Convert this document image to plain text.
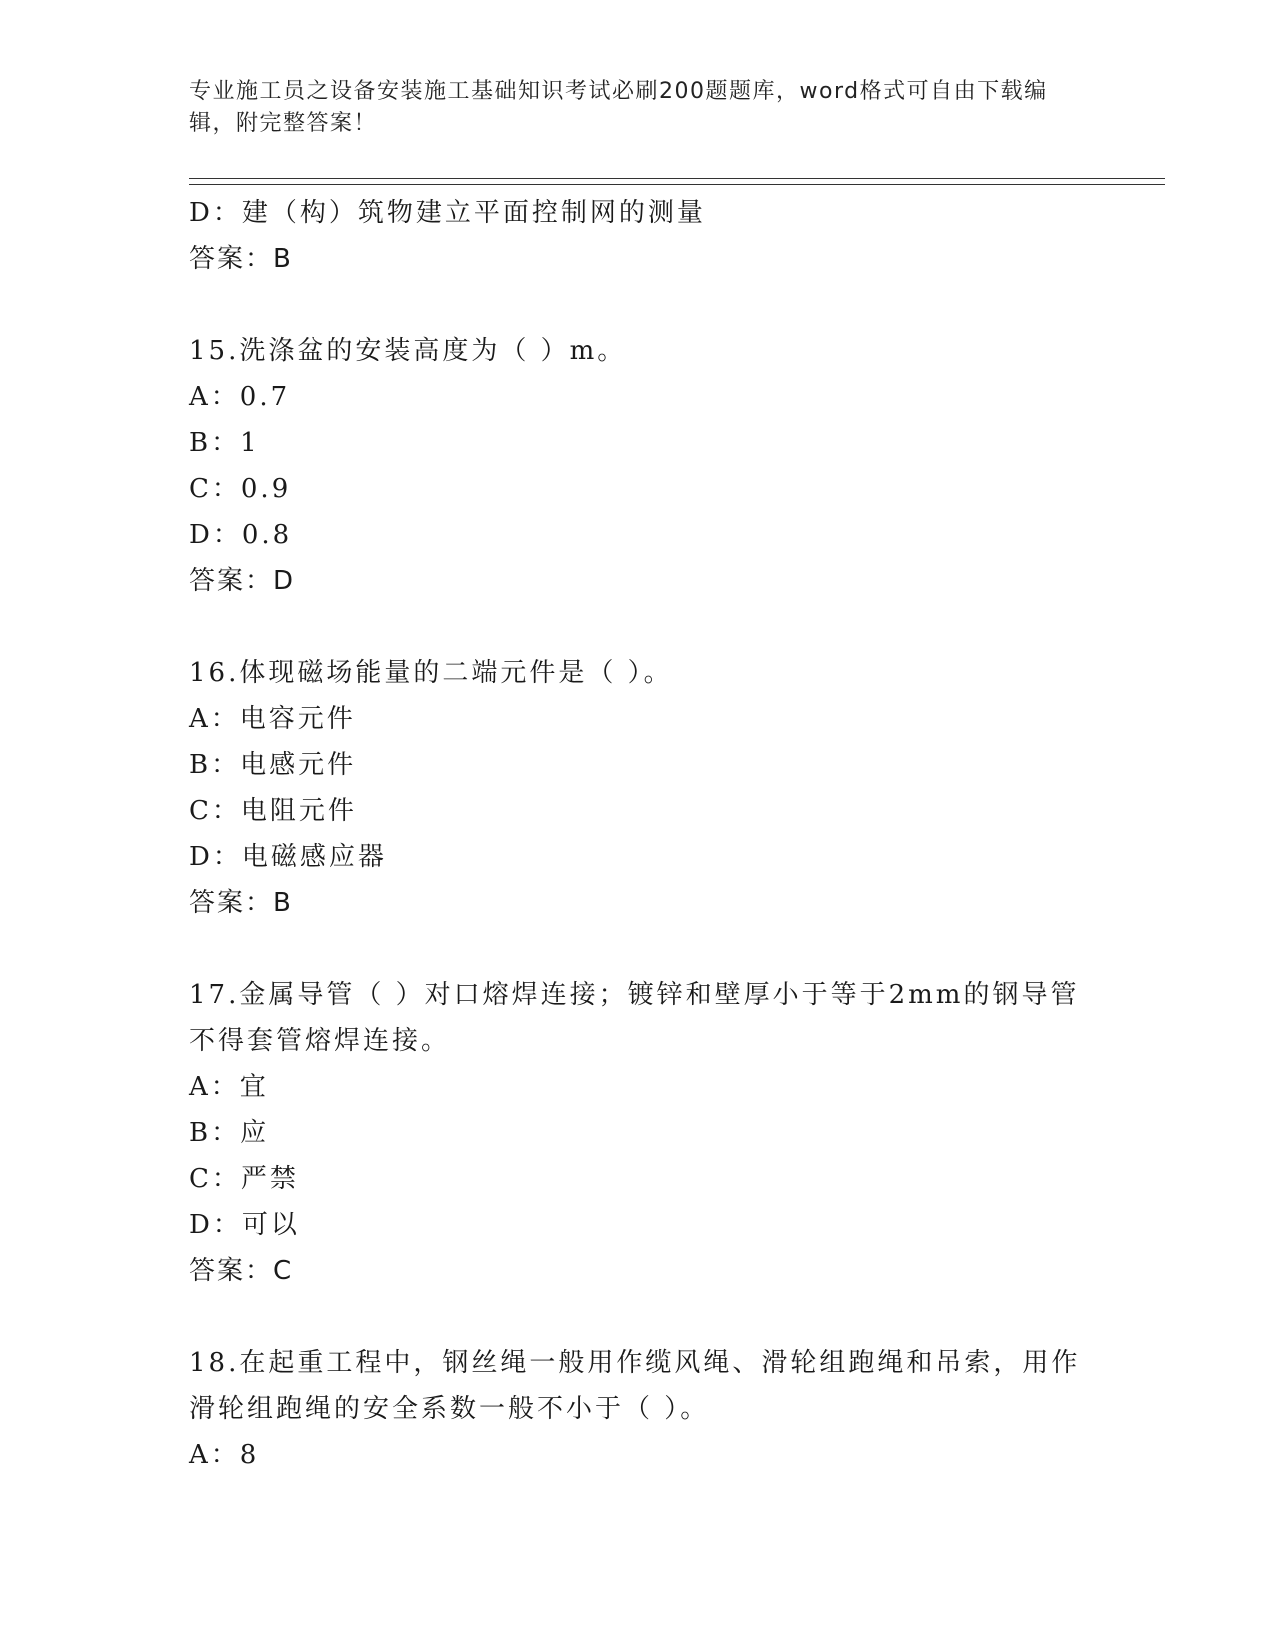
专业施工员之设备安装施工基础知识考试必刷200题题库，word格式可自由下载编辑，附完整答案！
D：建（构）筑物建立平面控制网的测量
答案：B
15.洗涤盆的安装高度为（ ）m。
A：0.7
B：1
C：0.9
D：0.8
答案：D
16.体现磁场能量的二端元件是（ ）。
A：电容元件
B：电感元件
C：电阻元件
D：电磁感应器
答案：B
17.金属导管（ ）对口熔焊连接；镀锌和壁厚小于等于2mm的钢导管不得套管熔焊连接。
A：宜
B：应
C：严禁
D：可以
答案：C
18.在起重工程中，钢丝绳一般用作缆风绳、滑轮组跑绳和吊索，用作滑轮组跑绳的安全系数一般不小于（ ）。
A：8
